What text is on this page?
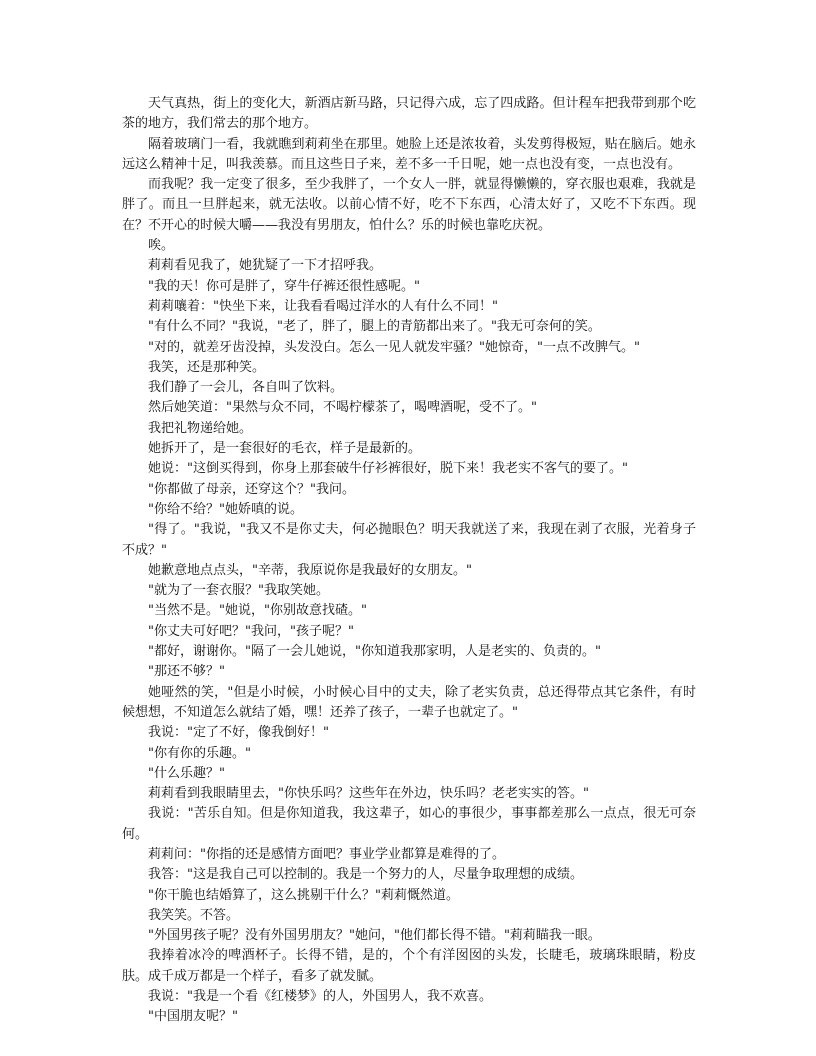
天气真热，街上的变化大，新酒店新马路，只记得六成，忘了四成路。但计程车把我带到那个吃茶的地方，我们常去的那个地方。

隔着玻璃门一看，我就瞧到莉莉坐在那里。她脸上还是浓妆着，头发剪得极短，贴在脑后。她永远这么精神十足，叫我羡慕。而且这些日子来，差不多一千日呢，她一点也没有变，一点也没有。

而我呢？我一定变了很多，至少我胖了，一个女人一胖，就显得懒懒的，穿衣服也艰难，我就是胖了。而且一旦胖起来，就无法收。以前心情不好，吃不下东西，心清太好了，又吃不下东西。现在？不开心的时候大嚼——我没有男朋友，怕什么？乐的时候也靠吃庆祝。

唉。

莉莉看见我了，她犹疑了一下才招呼我。

"我的天！你可是胖了，穿牛仔裤还很性感呢。"

莉莉嚷着："快坐下来，让我看看喝过洋水的人有什么不同！"

"有什么不同？"我说，"老了，胖了，腿上的青筋都出来了。"我无可奈何的笑。

"对的，就差牙齿没掉，头发没白。怎么一见人就发牢骚？"她惊奇，"一点不改脾气。"

我笑，还是那种笑。

我们静了一会儿，各自叫了饮料。

然后她笑道："果然与众不同，不喝柠檬茶了，喝啤酒呢，受不了。"

我把礼物递给她。

她拆开了，是一套很好的毛衣，样子是最新的。

她说："这倒买得到，你身上那套破牛仔衫裤很好，脱下来！我老实不客气的要了。"

"你都做了母亲，还穿这个？"我问。

"你给不给？"她娇嗔的说。

"得了。"我说，"我又不是你丈夫，何必抛眼色？明天我就送了来，我现在剥了衣服，光着身子不成？"

她歉意地点点头，"辛蒂，我原说你是我最好的女朋友。"

"就为了一套衣服？"我取笑她。

"当然不是。"她说，"你别故意找碴。"

"你丈夫可好吧？"我问，"孩子呢？"

"都好，谢谢你。"隔了一会儿她说，"你知道我那家明，人是老实的、负责的。"

"那还不够？"

她哑然的笑，"但是小时候，小时候心目中的丈夫，除了老实负责，总还得带点其它条件，有时候想想，不知道怎么就结了婚，嘿！还养了孩子，一辈子也就定了。"

我说："定了不好，像我倒好！"

"你有你的乐趣。"

"什么乐趣？"

莉莉看到我眼睛里去，"你快乐吗？这些年在外边，快乐吗？老老实实的答。"

我说："苦乐自知。但是你知道我，我这辈子，如心的事很少，事事都差那么一点点，很无可奈何。

莉莉问："你指的还是感情方面吧？事业学业都算是难得的了。

我答："这是我自己可以控制的。我是一个努力的人，尽量争取理想的成绩。

"你干脆也结婚算了，这么挑剔干什么？"莉莉慨然道。

我笑笑。不答。

"外国男孩子呢？没有外国男朋友？"她问，"他们都长得不错。"莉莉瞄我一眼。

我捧着冰冷的啤酒杯子。长得不错，是的，个个有洋囡囡的头发，长睫毛，玻璃珠眼睛，粉皮肤。成千成万都是一个样子，看多了就发腻。

我说："我是一个看《红楼梦》的人，外国男人，我不欢喜。

"中国朋友呢？"
